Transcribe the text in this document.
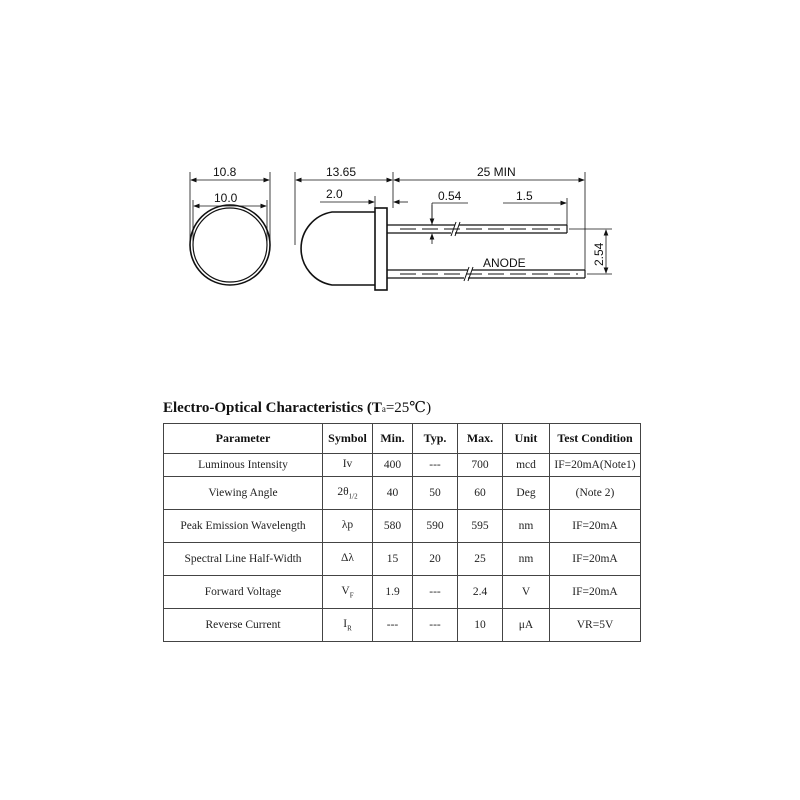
10.8
10.0
ANODE
13.65	25 MIN
2.0	0.54	1.5
2.54
Electro-Optical Characteristics (Ta=25℃)
Parameter	Symbol	Min.	Typ.	Max.	Unit	Test Condition
Luminous Intensity	Iv	400	---	700	mcd	IF=20mA(Note1)
Viewing Angle	$2\theta_{1/2}$	40	50	60	Deg	(Note 2)
Peak Emission Wavelength	λp	580	590	595	nm	IF=20mA
Spectral Line Half-Width	Δλ	15	20	25	nm	IF=20mA
Forward Voltage	$V_F$	1.9	---	2.4	V	IF=20mA
Reverse Current	$I_R$	---	---	10	μA	VR=5V
